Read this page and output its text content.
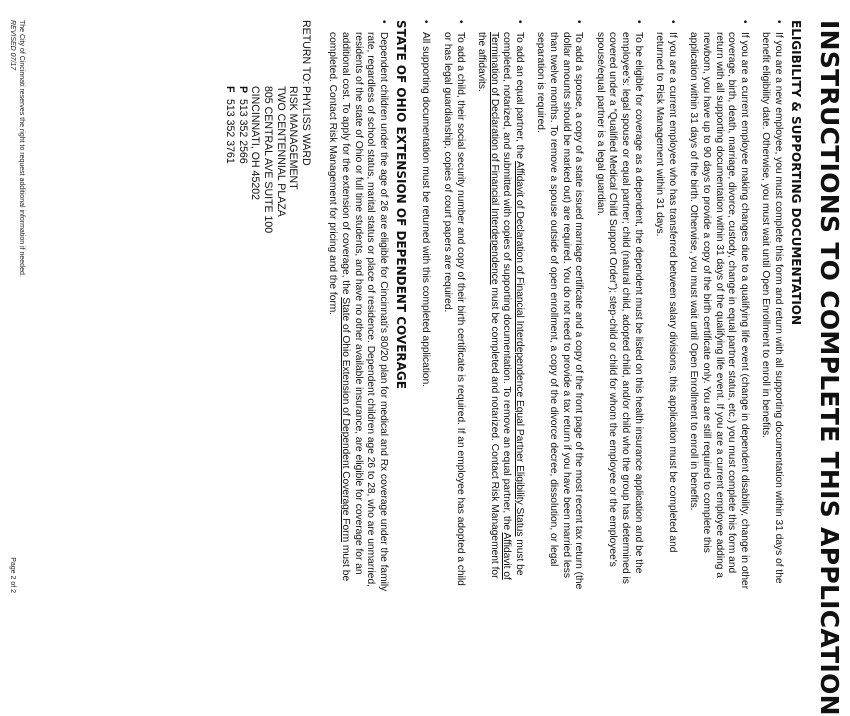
INSTRUCTIONS TO COMPLETE THIS APPLICATION
ELIGIBILITY & SUPPORTING DOCUMENTATION
•
If you are a new employee, you must complete this form and return with all supporting documentation within 31 days of the benefit eligibility date. Otherwise, you must wait until Open Enrollment to enroll in benefits.
•
If you are a current employee making changes due to a qualifying life event (change in dependent disability, change in other coverage, birth, death, marriage, divorce, custody, change in equal partner status, etc.) you must complete this form and return with all supporting documentation within 31 days of the qualifying life event. If you are a current employee adding a newborn, you have up to 90 days to provide a copy of the birth certificate only. You are still required to complete this application within 31 days of the birth. Otherwise, you must wait until Open Enrollment to enroll in benefits.
•
If you are a current employee who has transferred between salary divisions, this application must be completed and returned to Risk Management within 31 days.
•
To be eligible for coverage as a dependent, the dependent must be listed on this health insurance application and be the employee's: legal spouse or equal partner; child (natural child, adopted child, and/or child who the group has determined is covered under a “Qualified Medical Child Support Order”); step-child or child for whom the employee or the employee's spouse/equal partner is a legal guardian.
•
To add a spouse, a copy of a state issued marriage certificate and a copy of the front page of the most recent tax return (the dollar amounts should be marked out) are required. You do not need to provide a tax return if you have been married less than twelve months. To remove a spouse outside of open enrollment, a copy of the divorce decree, dissolution, or legal separation is required.
•
To add an equal partner, the Affidavit of Declaration of Financial Interdependence Equal Partner Eligibility Status must be completed, notarized, and submitted with copies of supporting documentation. To remove an equal partner, the Affidavit of Termination of Declaration of Financial Interdependence must be completed and notarized. Contact Risk Management for the affidavits.
•
To add a child, their social security number and copy of their birth certificate is required. If an employee has adopted a child or has legal guardianship, copies of court papers are required.
•
All supporting documentation must be returned with this completed application.
STATE OF OHIO EXTENSION OF DEPENDENT COVERAGE
•
Dependent children under the age of 26 are eligible for Cincinnati's 80/20 plan for medical and Rx coverage under the family rate, regardless of school status, marital status or place of residence. Dependent children age 26 to 28, who are unmarried, residents of the state of Ohio or full time students, and have no other available insurance, are eligible for coverage for an additional cost. To apply for the extension of coverage, the State of Ohio Extension of Dependent Coverage Form must be completed. Contact Risk Management for pricing and the form.
RETURN TO:
PHYLISS WARD
RISK MANAGEMENT
TWO CENTENNIAL PLAZA
805 CENTRAL AVE SUITE 100
CINCINNATI, OH 45202
P 513 352 2566
F 513 352 3761
The City of Cincinnati reserves the right to request additional information if needed.
REVISED 07/17
Page 2 of 2
